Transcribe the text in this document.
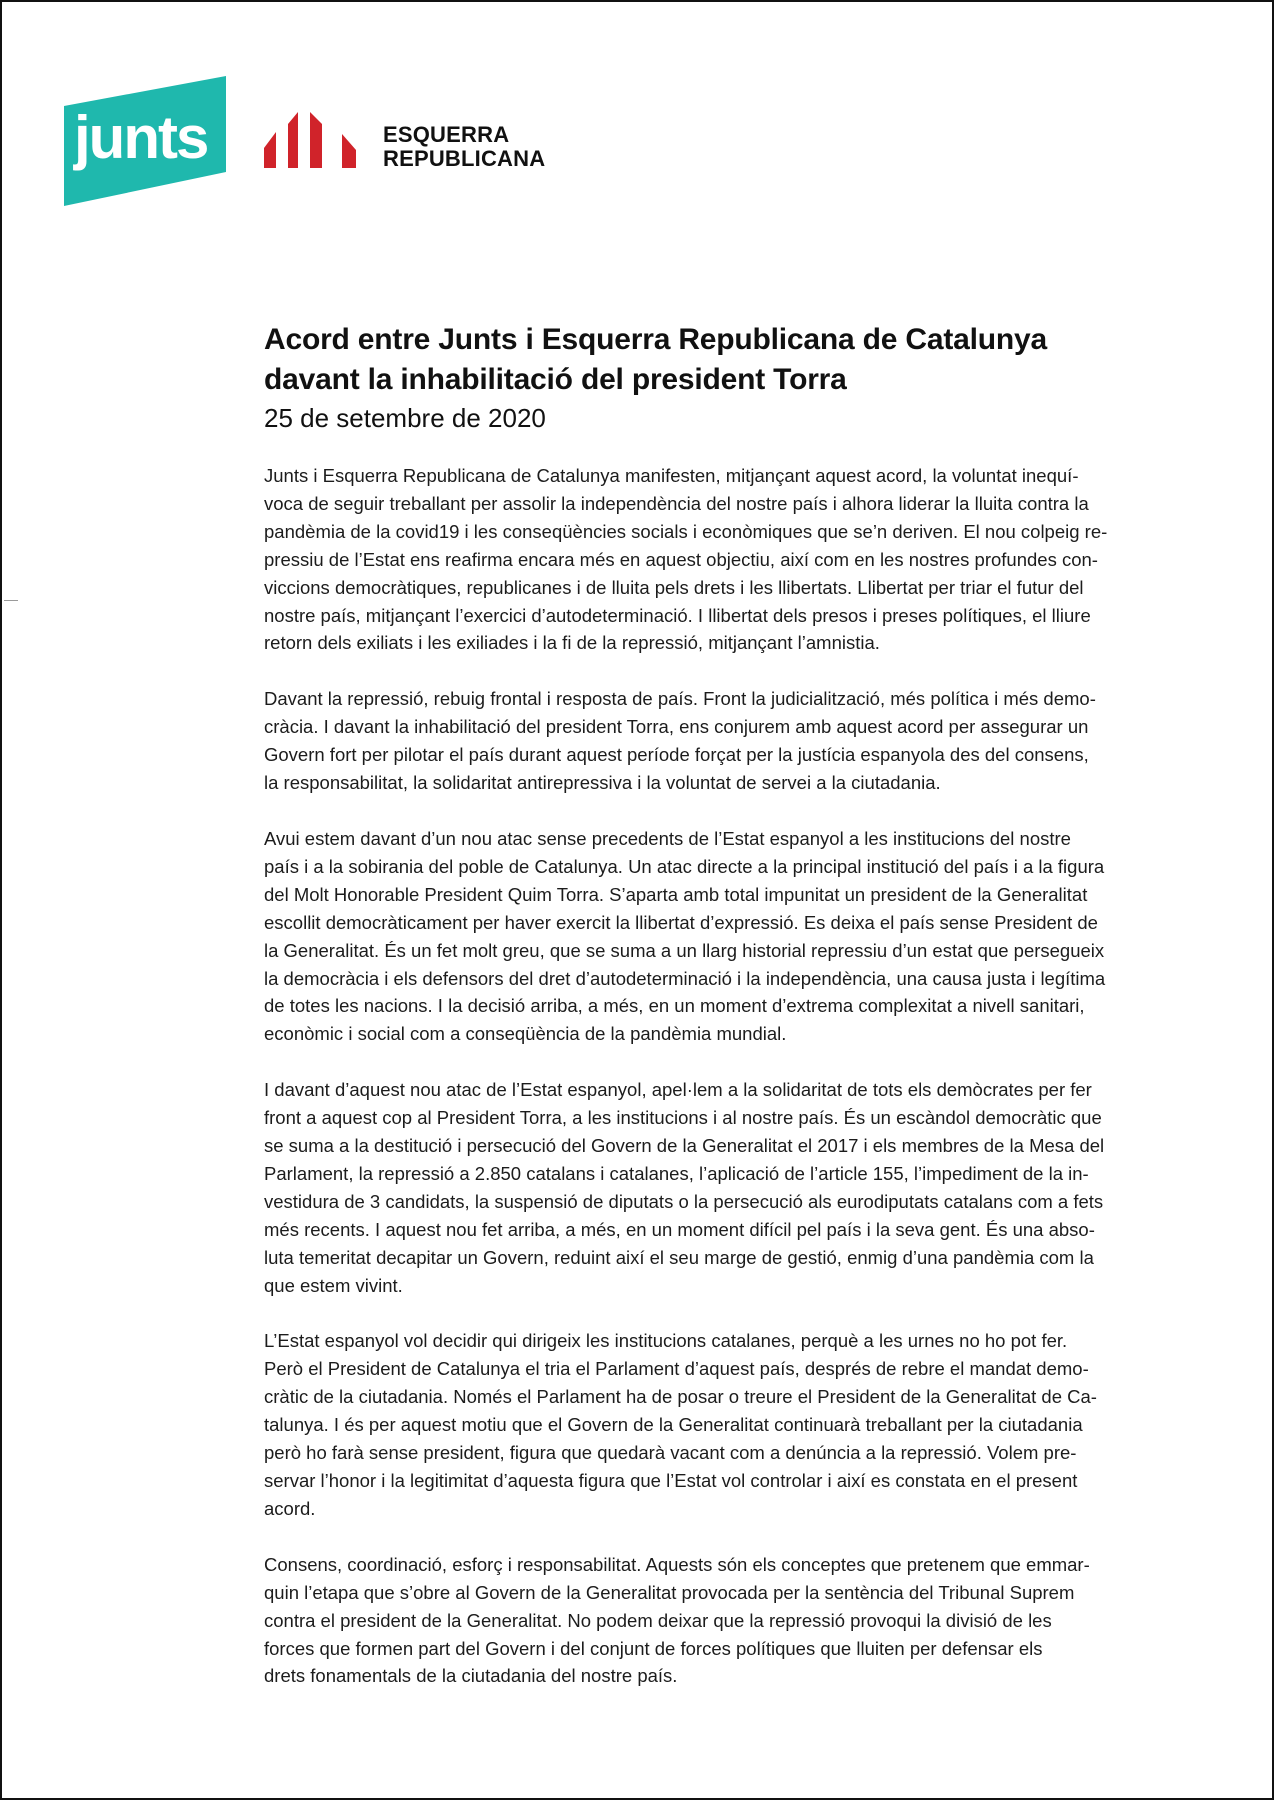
junts	ESQUERRA
REPUBLICANA
Acord entre Junts i Esquerra Republicana de Catalunya
davant la inhabilitació del president Torra

25 de setembre de 2020

Junts i Esquerra Republicana de Catalunya manifesten, mitjançant aquest acord, la voluntat inequí-
voca de seguir treballant per assolir la independència del nostre país i alhora liderar la lluita contra la
pandèmia de la covid19 i les conseqüències socials i econòmiques que se’n deriven. El nou colpeig re-
pressiu de l’Estat ens reafirma encara més en aquest objectiu, així com en les nostres profundes con-
viccions democràtiques, republicanes i de lluita pels drets i les llibertats. Llibertat per triar el futur del
nostre país, mitjançant l’exercici d’autodeterminació. I llibertat dels presos i preses polítiques, el lliure
retorn dels exiliats i les exiliades i la fi de la repressió, mitjançant l’amnistia.

Davant la repressió, rebuig frontal i resposta de país. Front la judicialització, més política i més demo-
cràcia. I davant la inhabilitació del president Torra, ens conjurem amb aquest acord per assegurar un
Govern fort per pilotar el país durant aquest període forçat per la justícia espanyola des del consens,
la responsabilitat, la solidaritat antirepressiva i la voluntat de servei a la ciutadania.

Avui estem davant d’un nou atac sense precedents de l’Estat espanyol a les institucions del nostre
país i a la sobirania del poble de Catalunya. Un atac directe a la principal institució del país i a la figura
del Molt Honorable President Quim Torra. S’aparta amb total impunitat un president de la Generalitat
escollit democràticament per haver exercit la llibertat d’expressió. Es deixa el país sense President de
la Generalitat. És un fet molt greu, que se suma a un llarg historial repressiu d’un estat que persegueix
la democràcia i els defensors del dret d’autodeterminació i la independència, una causa justa i legítima
de totes les nacions. I la decisió arriba, a més, en un moment d’extrema complexitat a nivell sanitari,
econòmic i social com a conseqüència de la pandèmia mundial.

I davant d’aquest nou atac de l’Estat espanyol, apel·lem a la solidaritat de tots els demòcrates per fer
front a aquest cop al President Torra, a les institucions i al nostre país. És un escàndol democràtic que
se suma a la destitució i persecució del Govern de la Generalitat el 2017 i els membres de la Mesa del
Parlament, la repressió a 2.850 catalans i catalanes, l’aplicació de l’article 155, l’impediment de la in-
vestidura de 3 candidats, la suspensió de diputats o la persecució als eurodiputats catalans com a fets
més recents. I aquest nou fet arriba, a més, en un moment difícil pel país i la seva gent. És una abso-
luta temeritat decapitar un Govern, reduint així el seu marge de gestió, enmig d’una pandèmia com la
que estem vivint.

L’Estat espanyol vol decidir qui dirigeix les institucions catalanes, perquè a les urnes no ho pot fer.
Però el President de Catalunya el tria el Parlament d’aquest país, després de rebre el mandat demo-
cràtic de la ciutadania. Només el Parlament ha de posar o treure el President de la Generalitat de Ca-
talunya. I és per aquest motiu que el Govern de la Generalitat continuarà treballant per la ciutadania
però ho farà sense president, figura que quedarà vacant com a denúncia a la repressió. Volem pre-
servar l’honor i la legitimitat d’aquesta figura que l’Estat vol controlar i així es constata en el present
acord.

Consens, coordinació, esforç i responsabilitat. Aquests són els conceptes que pretenem que emmar-
quin l’etapa que s’obre al Govern de la Generalitat provocada per la sentència del Tribunal Suprem
contra el president de la Generalitat. No podem deixar que la repressió provoqui la divisió de les
forces que formen part del Govern i del conjunt de forces polítiques que lluiten per defensar els
drets fonamentals de la ciutadania del nostre país.
